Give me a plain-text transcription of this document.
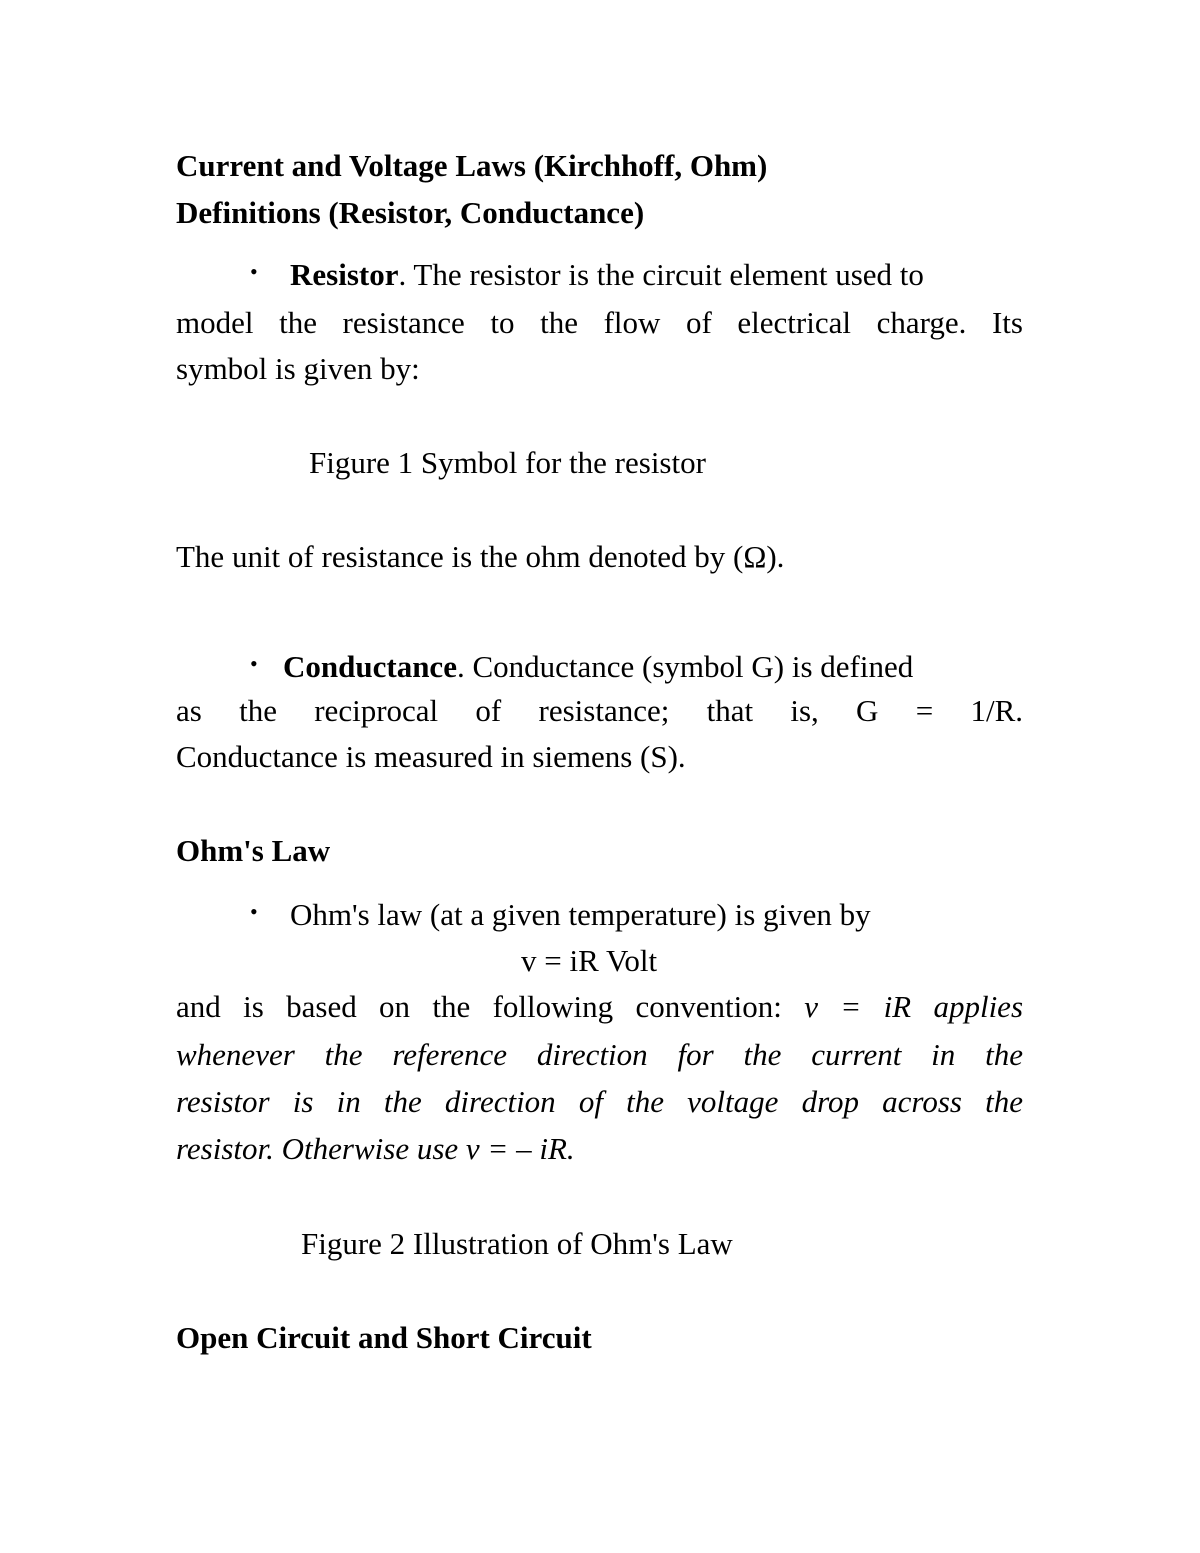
Current and Voltage Laws (Kirchhoff, Ohm)
Definitions (Resistor, Conductance)
• Resistor. The resistor is the circuit element used to
model the resistance to the flow of electrical charge. Its
symbol is given by:
Figure 1 Symbol for the resistor
The unit of resistance is the ohm denoted by (Ω).
• Conductance. Conductance (symbol G) is defined
as the reciprocal of resistance; that is, G = 1/R.
Conductance is measured in siemens (S).
Ohm's Law
• Ohm's law (at a given temperature) is given by
v = iR Volt
and is based on the following convention: v = iR applies
whenever the reference direction for the current in the
resistor is in the direction of the voltage drop across the
resistor. Otherwise use v = – iR.
Figure 2 Illustration of Ohm's Law
Open Circuit and Short Circuit
